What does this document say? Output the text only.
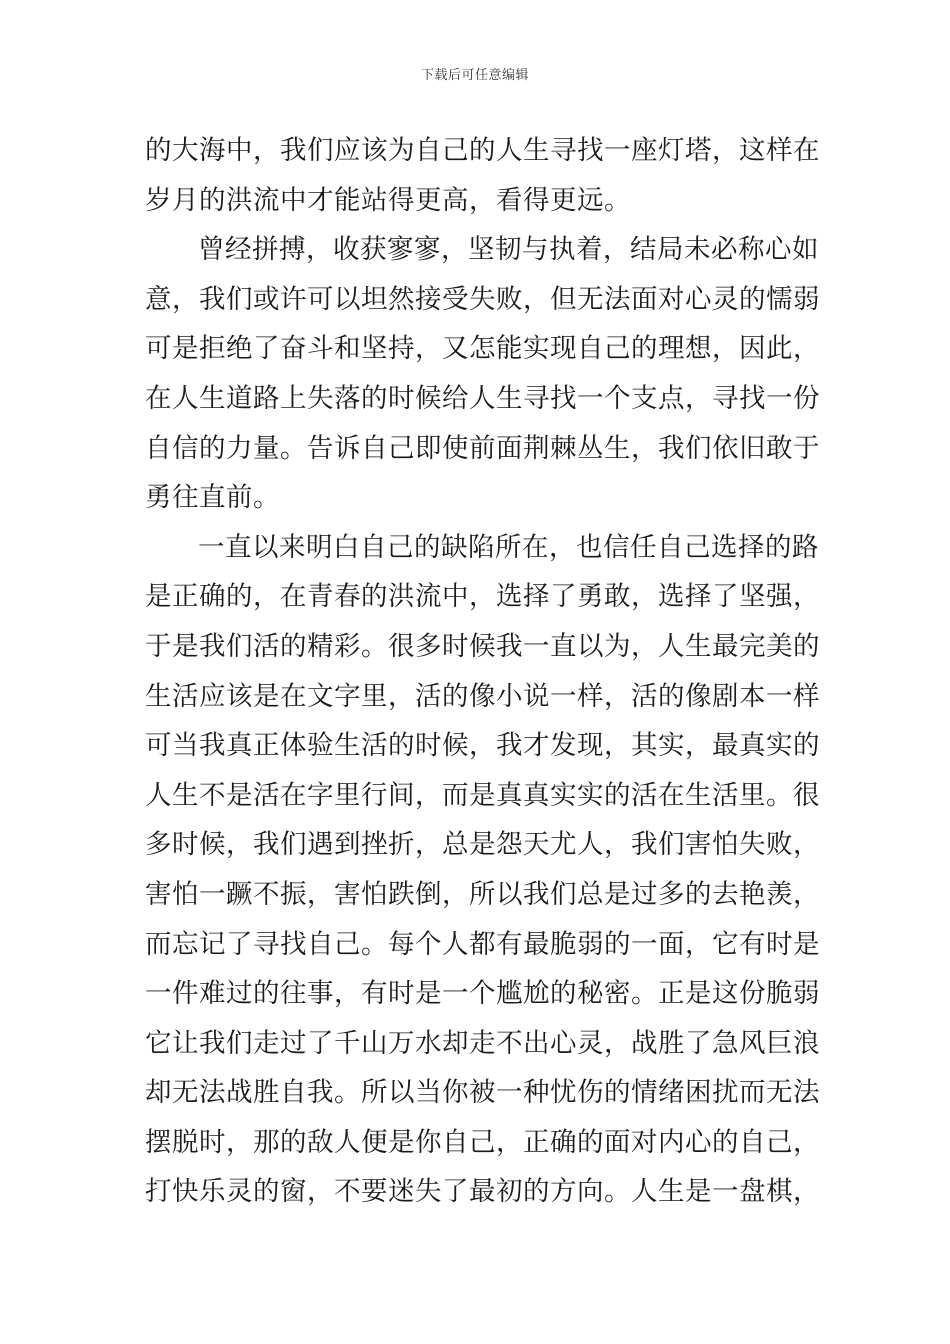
下载后可任意编辑
的大海中，我们应该为自己的人生寻找一座灯塔，这样在
岁月的洪流中才能站得更高，看得更远。
曾经拼搏，收获寥寥，坚韧与执着，结局未必称心如
意，我们或许可以坦然接受失败，但无法面对心灵的懦弱
可是拒绝了奋斗和坚持，又怎能实现自己的理想，因此，
在人生道路上失落的时候给人生寻找一个支点，寻找一份
自信的力量。告诉自己即使前面荆棘丛生，我们依旧敢于
勇往直前。
一直以来明白自己的缺陷所在，也信任自己选择的路
是正确的，在青春的洪流中，选择了勇敢，选择了坚强，
于是我们活的精彩。很多时候我一直以为，人生最完美的
生活应该是在文字里，活的像小说一样，活的像剧本一样
可当我真正体验生活的时候，我才发现，其实，最真实的
人生不是活在字里行间，而是真真实实的活在生活里。很
多时候，我们遇到挫折，总是怨天尤人，我们害怕失败，
害怕一蹶不振，害怕跌倒，所以我们总是过多的去艳羡，
而忘记了寻找自己。每个人都有最脆弱的一面，它有时是
一件难过的往事，有时是一个尴尬的秘密。正是这份脆弱
它让我们走过了千山万水却走不出心灵，战胜了急风巨浪
却无法战胜自我。所以当你被一种忧伤的情绪困扰而无法
摆脱时，那的敌人便是你自己，正确的面对内心的自己，
打快乐灵的窗，不要迷失了最初的方向。人生是一盘棋，
